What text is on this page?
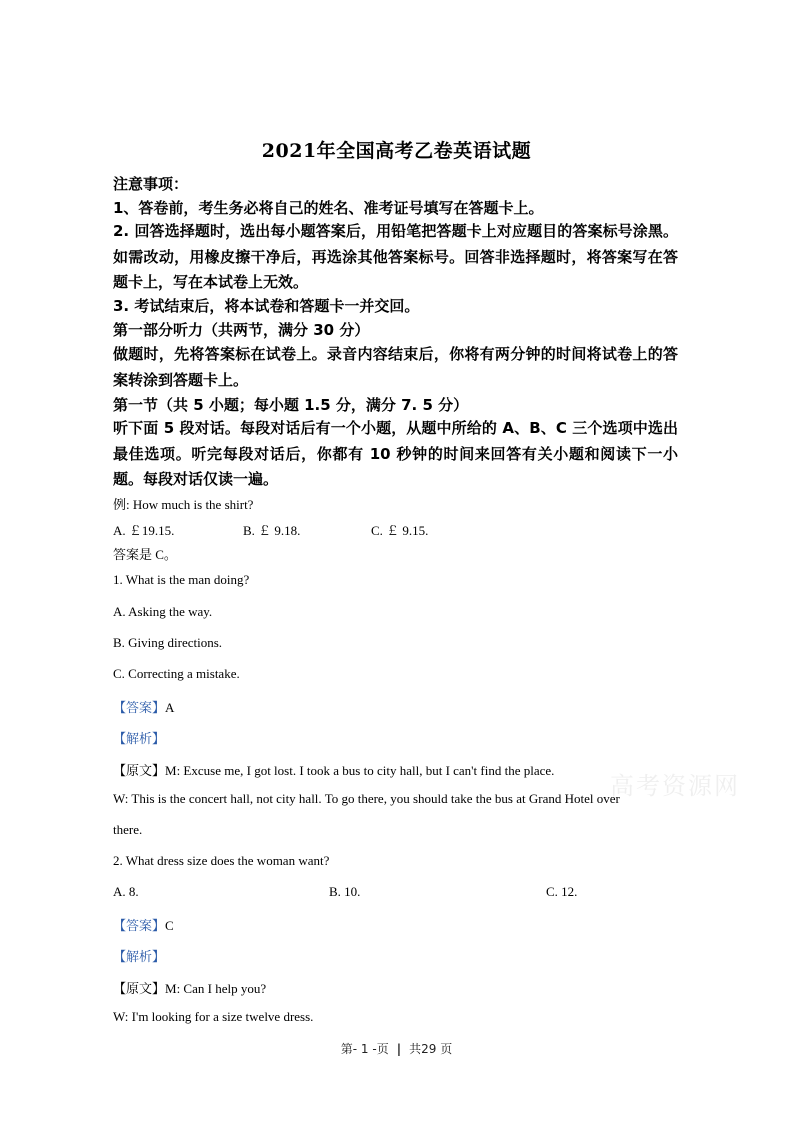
2021年全国高考乙卷英语试题
注意事项：
1、答卷前，考生务必将自己的姓名、准考证号填写在答题卡上。
2. 回答选择题时，选出每小题答案后，用铅笔把答题卡上对应题目的答案标号涂黑。如需改动，用橡皮擦干净后，再选涂其他答案标号。回答非选择题时，将答案写在答题卡上，写在本试卷上无效。
3. 考试结束后，将本试卷和答题卡一并交回。
第一部分听力（共两节，满分 30 分）
做题时，先将答案标在试卷上。录音内容结束后，你将有两分钟的时间将试卷上的答案转涂到答题卡上。
第一节（共 5 小题；每小题 1.5 分，满分 7. 5 分）
听下面 5 段对话。每段对话后有一个小题，从题中所给的 A、B、C 三个选项中选出最佳选项。听完每段对话后，你都有 10 秒钟的时间来回答有关小题和阅读下一小题。每段对话仅读一遍。
例: How much is the shirt?
A. ￡19.15.	B. ￡ 9.18.	C. ￡ 9.15.
答案是 C。
1. What is the man doing?
A. Asking the way.
B. Giving directions.
C. Correcting a mistake.
【答案】A
【解析】
【原文】M: Excuse me, I got lost. I took a bus to city hall, but I can't find the place.
W: This is the concert hall, not city hall. To go there, you should take the bus at Grand Hotel over
there.
2. What dress size does the woman want?
A. 8.	B. 10.	C. 12.
【答案】C
【解析】
【原文】M: Can I help you?
W: I'm looking for a size twelve dress.
高考资源网
第- 1 -页 | 共29 页
